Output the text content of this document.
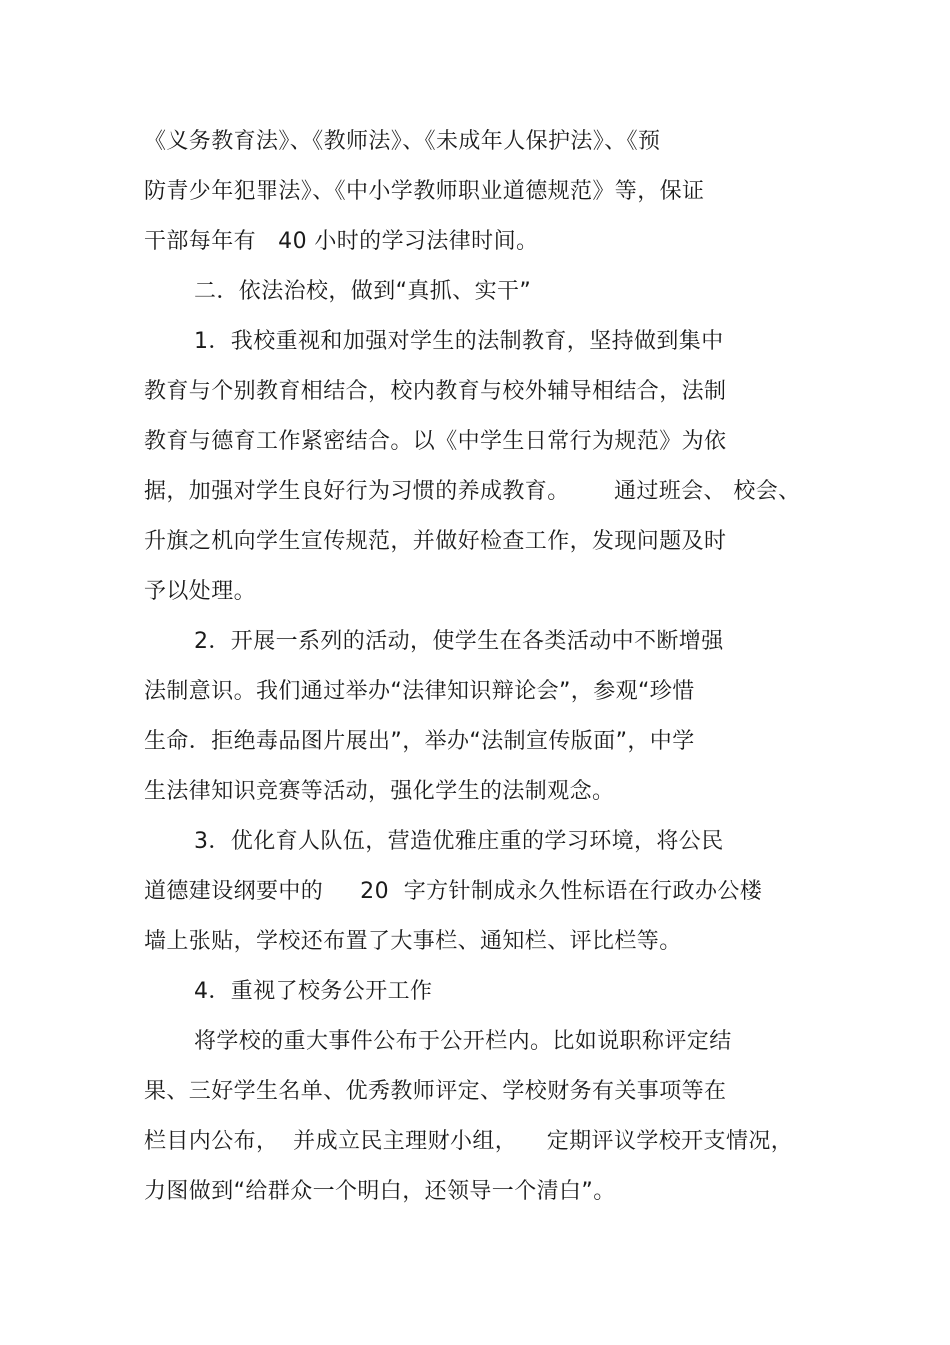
《义务教育法》、《教师法》、《未成年人保护法》、《预
防青少年犯罪法》、《中小学教师职业道德规范》等，保证
干部每年有   40 小时的学习法律时间。
二．依法治校，做到“真抓、实干”
1．我校重视和加强对学生的法制教育，坚持做到集中
教育与个别教育相结合，校内教育与校外辅导相结合，法制
教育与德育工作紧密结合。以《中学生日常行为规范》为依
据，加强对学生良好行为习惯的养成教育。      通过班会、 校会、
升旗之机向学生宣传规范，并做好检查工作，发现问题及时
予以处理。
2．开展一系列的活动，使学生在各类活动中不断增强
法制意识。我们通过举办“法律知识辩论会”，参观“珍惜
生命．拒绝毒品图片展出”，举办“法制宣传版面”，中学
生法律知识竞赛等活动，强化学生的法制观念。
3．优化育人队伍，营造优雅庄重的学习环境，将公民
道德建设纲要中的     20  字方针制成永久性标语在行政办公楼
墙上张贴，学校还布置了大事栏、通知栏、评比栏等。
4．重视了校务公开工作
将学校的重大事件公布于公开栏内。比如说职称评定结
果、三好学生名单、优秀教师评定、学校财务有关事项等在
栏目内公布，  并成立民主理财小组，    定期评议学校开支情况，
力图做到“给群众一个明白，还领导一个清白”。
